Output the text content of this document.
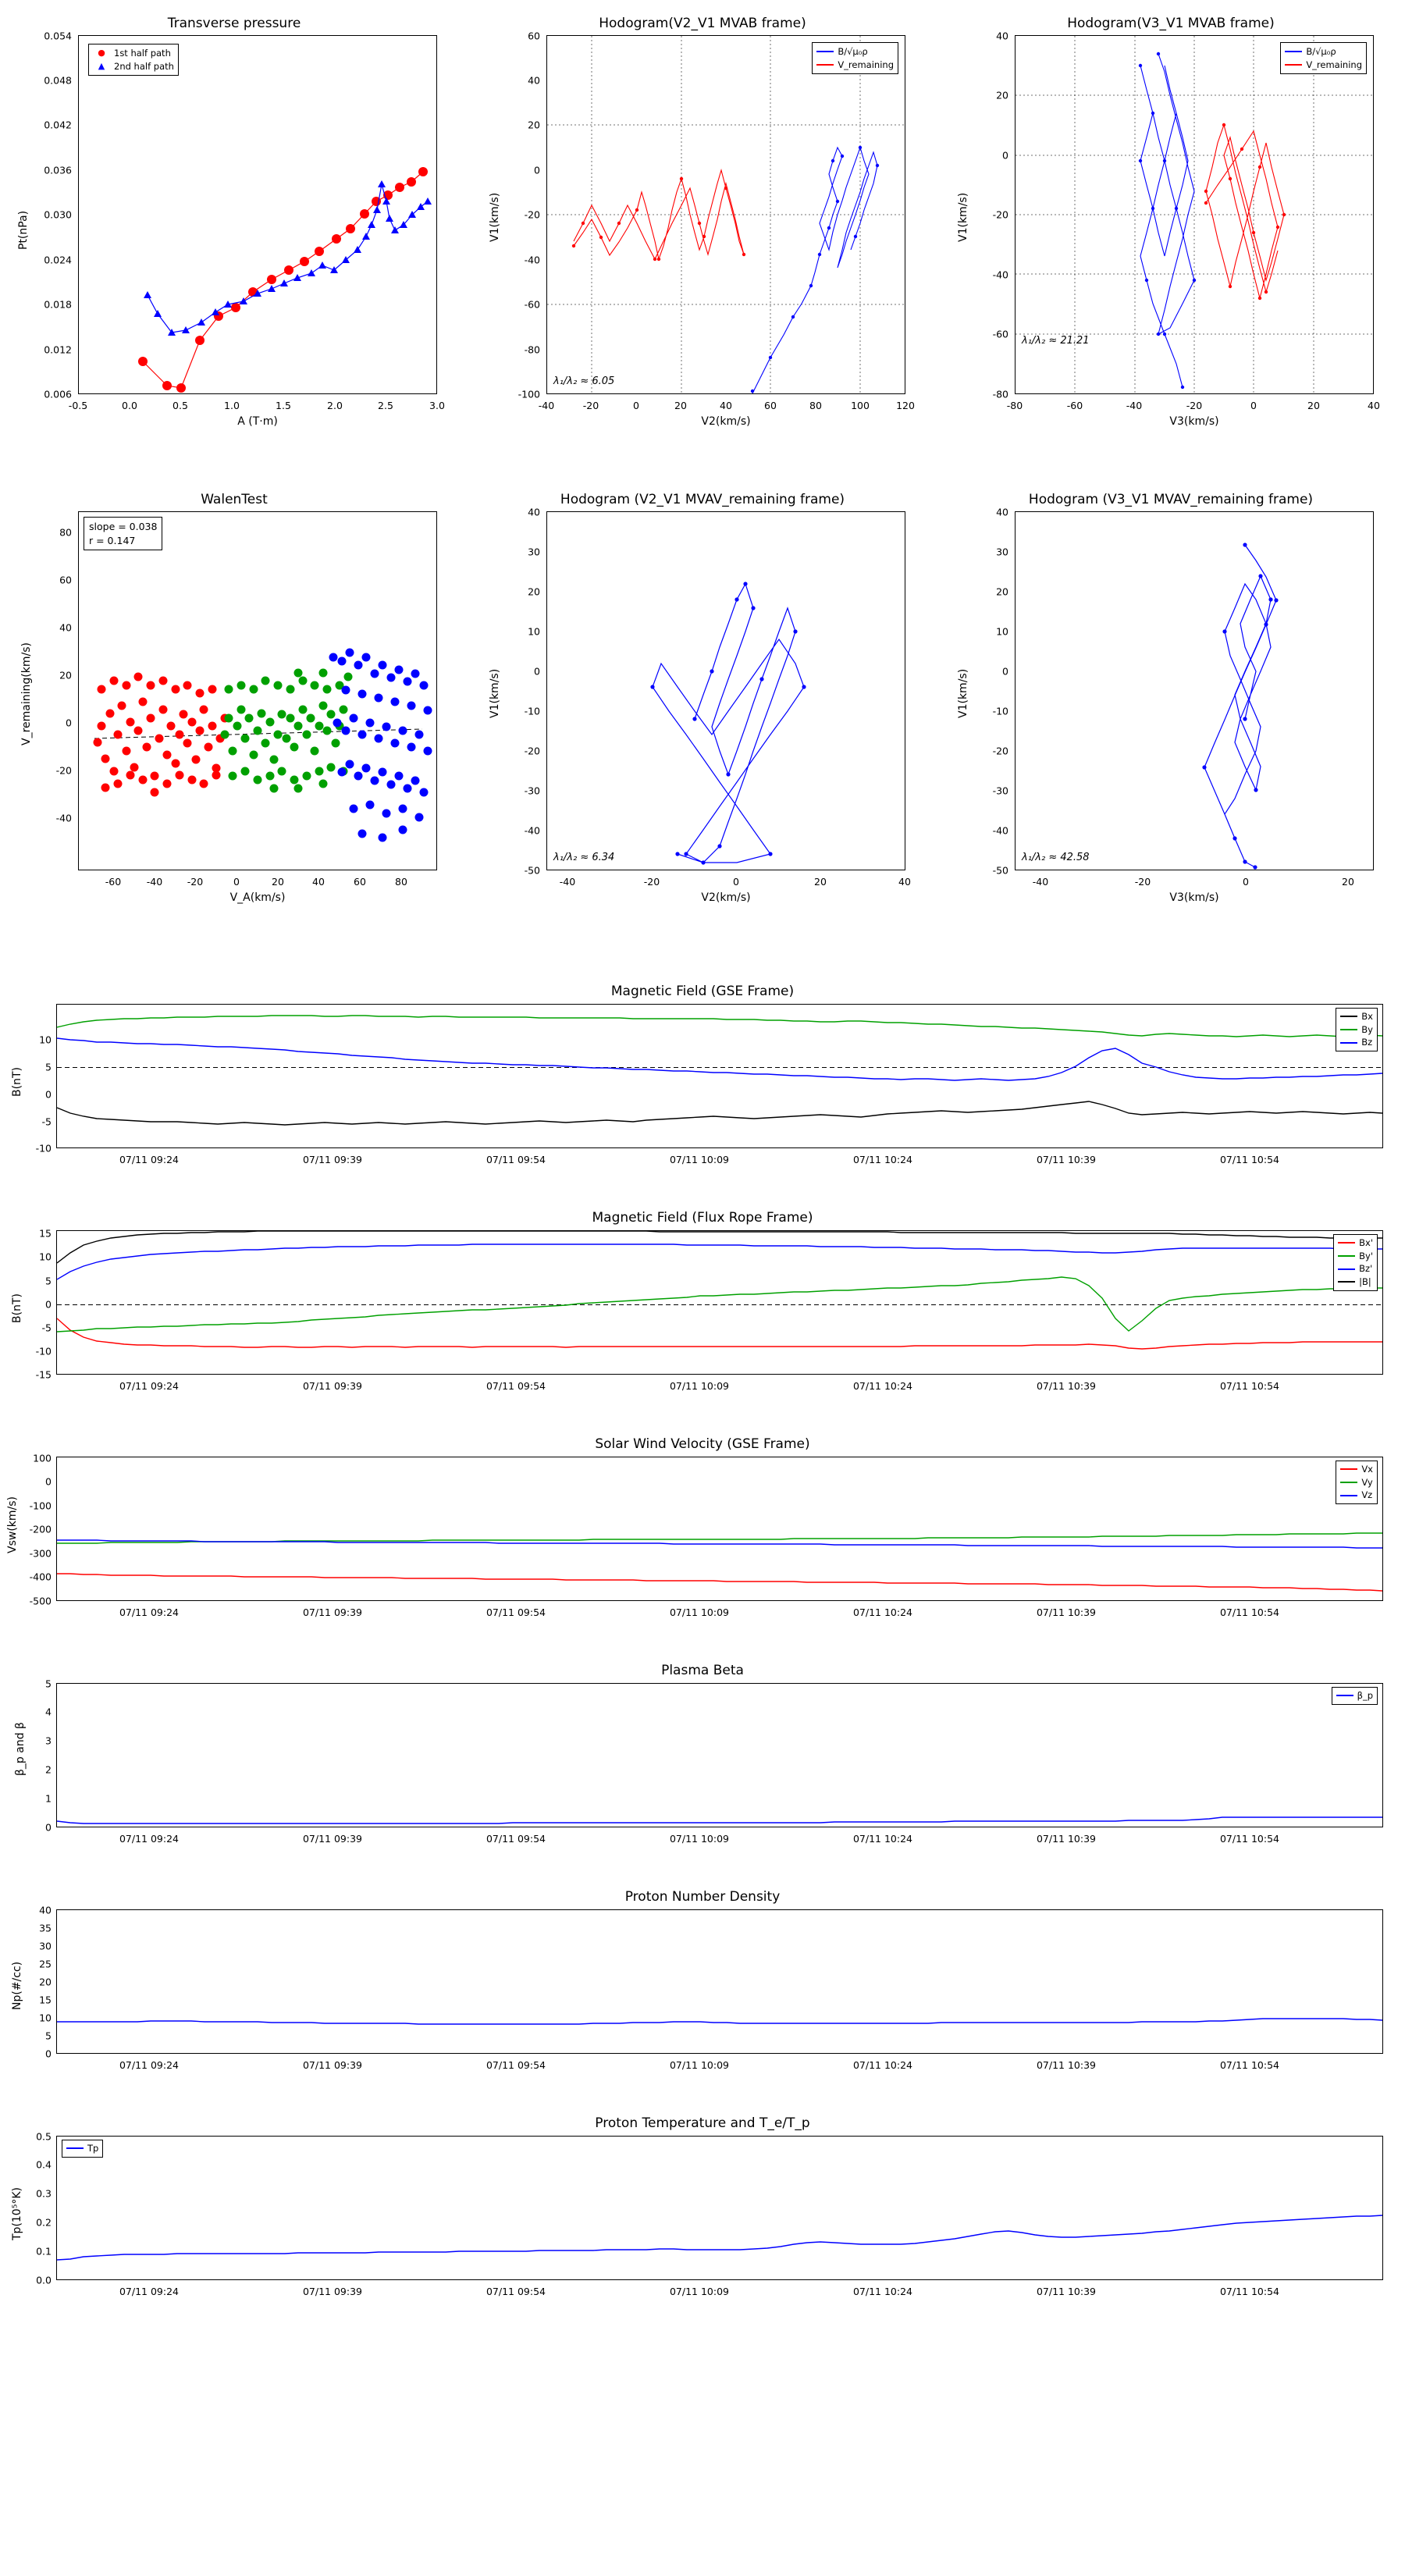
Transverse pressure
● 1st half path
▲	2nd half path
-0.5	0.0	0.5	1.0	1.5	2.0	2.5	3.0
0.006
0.012
0.018
0.024
0.030
0.036
0.042
0.048
0.054
A (T·m)
Pt(nPa)
Hodogram(V2_V1 MVAB frame)
B/√μ₀ρ
V_remaining
λ₁/λ₂ ≈ 6.05
-40	-20	0	20	40	60	80	100	120
-100
-80
-60
-40
-20
0
20
40
60
V2(km/s)
V1(km/s)
Hodogram(V3_V1 MVAB frame)
B/√μ₀ρ
V_remaining
λ₁/λ₂ ≈ 21.21
-80	-60	-40	-20	0	20	40
-80
-60
-40
-20
0
20
40
V3(km/s)
V1(km/s)
WalenTest
slope = 0.038
r = 0.147
-60	-40	-20	0	20	40	60	80
-40
-20
0
20
40
60
80
V_A(km/s)
V_remaining(km/s)
Hodogram (V2_V1 MVAV_remaining frame)
λ₁/λ₂ ≈ 6.34
-40	-20	0	20	40
-50
-40
-30
-20
-10
0
10
20
30
40
V2(km/s)
V1(km/s)
Hodogram (V3_V1 MVAV_remaining frame)
λ₁/λ₂ ≈ 42.58
-40	-20	0	20
-50
-40
-30
-20
-10
0
10
20
30
40
V3(km/s)
V1(km/s)
Magnetic Field (GSE Frame)
Bx
By
Bz
-10
-5
0
5
10
B(nT)
07/11 09:24	07/11 09:39	07/11 09:54	07/11 10:09	07/11 10:24	07/11 10:39	07/11 10:54
Magnetic Field (Flux Rope Frame)
Bx'
By'
Bz'
|B|
-15
-10
-5
0
5
10
15
B(nT)
07/11 09:24	07/11 09:39	07/11 09:54	07/11 10:09	07/11 10:24	07/11 10:39	07/11 10:54
Solar Wind Velocity (GSE Frame)
Vx
Vy
Vz
-500
-400
-300
-200
-100
0
100
Vsw(km/s)
07/11 09:24	07/11 09:39	07/11 09:54	07/11 10:09	07/11 10:24	07/11 10:39	07/11 10:54
Plasma Beta
β_p
0
1
2
3
4
5
β_p and β
07/11 09:24	07/11 09:39	07/11 09:54	07/11 10:09	07/11 10:24	07/11 10:39	07/11 10:54
Proton Number Density
0
5
10
15
20
25
30
35
40
Np(#/cc)
07/11 09:24	07/11 09:39	07/11 09:54	07/11 10:09	07/11 10:24	07/11 10:39	07/11 10:54
Proton Temperature and T_e/T_p
Tp
0.0
0.1
0.2
0.3
0.4
0.5
Tp(10⁵°K)
07/11 09:24	07/11 09:39	07/11 09:54	07/11 10:09	07/11 10:24	07/11 10:39	07/11 10:54
